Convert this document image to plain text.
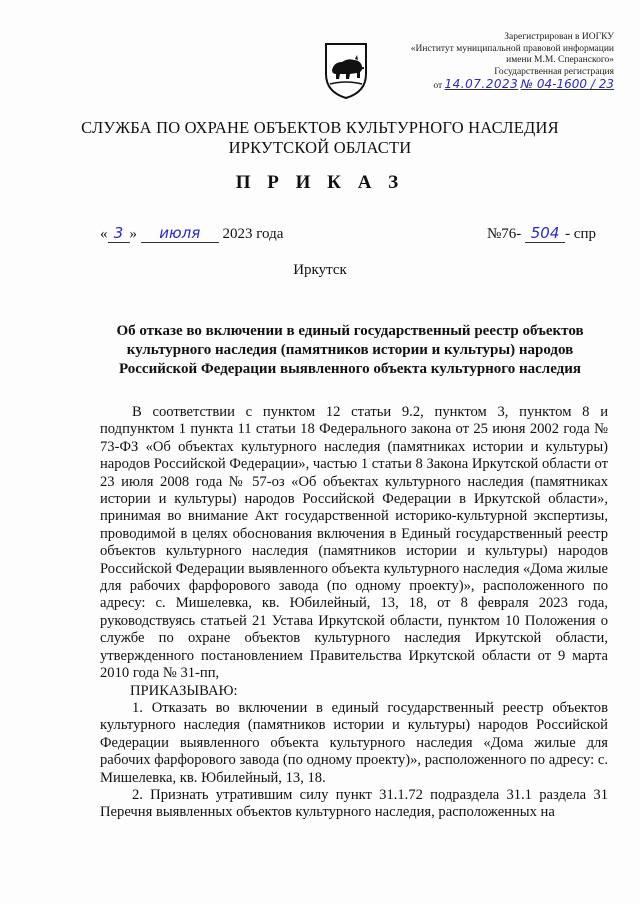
Зарегистрирован в ИОГКУ
«Институт муниципальной правовой информации
имени М.М. Сперанского»
Государственная регистрация
от 14.07.2023 № 04-1600 / 23
СЛУЖБА ПО ОХРАНЕ ОБЪЕКТОВ КУЛЬТУРНОГО НАСЛЕДИЯ
ИРКУТСКОЙ ОБЛАСТИ
П Р И К А З
« 3 » июля 2023 года	№76- 504 - спр
Иркутск
Об отказе во включении в единый государственный реестр объектов культурного наследия (памятников истории и культуры) народов Российской Федерации выявленного объекта культурного наследия

В соответствии с пунктом 12 статьи 9.2, пунктом 3, пунктом 8 и подпунктом 1 пункта 11 статьи 18 Федерального закона от 25 июня 2002 года № 73-ФЗ «Об объектах культурного наследия (памятниках истории и культуры) народов Российской Федерации», частью 1 статьи 8 Закона Иркутской области от 23 июля 2008 года № 57-оз «Об объектах культурного наследия (памятниках истории и культуры) народов Российской Федерации в Иркутской области», принимая во внимание Акт государственной историко-культурной экспертизы, проводимой в целях обоснования включения в Единый государственный реестр объектов культурного наследия (памятников истории и культуры) народов Российской Федерации выявленного объекта культурного наследия «Дома жилые для рабочих фарфорового завода (по одному проекту)», расположенного по адресу: с. Мишелевка, кв. Юбилейный, 13, 18, от 8 февраля 2023 года, руководствуясь статьей 21 Устава Иркутской области, пунктом 10 Положения о службе по охране объектов культурного наследия Иркутской области, утвержденного постановлением Правительства Иркутской области от 9 марта 2010 года № 31-пп,

ПРИКАЗЫВАЮ:

1. Отказать во включении в единый государственный реестр объектов культурного наследия (памятников истории и культуры) народов Российской Федерации выявленного объекта культурного наследия «Дома жилые для рабочих фарфорового завода (по одному проекту)», расположенного по адресу: с. Мишелевка, кв. Юбилейный, 13, 18.

2. Признать утратившим силу пункт 31.1.72 подраздела 31.1 раздела 31 Перечня выявленных объектов культурного наследия, расположенных на
